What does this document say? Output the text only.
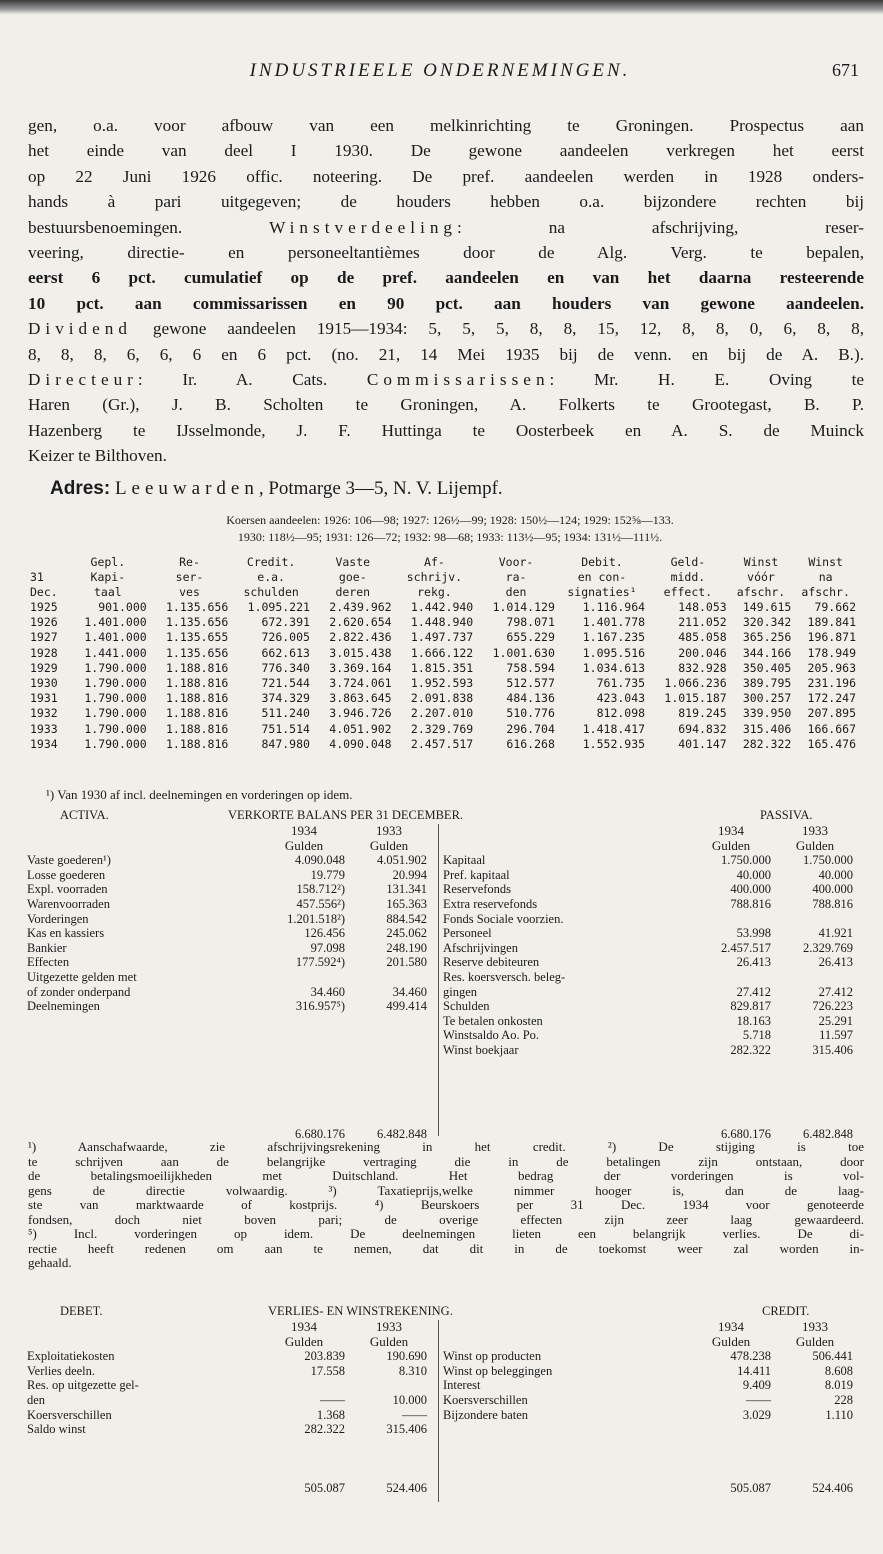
INDUSTRIEELE ONDERNEMINGEN.	671
gen, o.a. voor afbouw van een melkinrichting te Groningen. Prospectus aan
het einde van deel I 1930. De gewone aandeelen verkregen het eerst
op 22 Juni 1926 offic. noteering. De pref. aandeelen werden in 1928 onders-
hands à pari uitgegeven; de houders hebben o.a. bijzondere rechten bij
bestuursbenoemingen.	Winstverdeeling: na afschrijving, reser-
veering, directie- en personeeltantièmes door de Alg. Verg. te bepalen,
eerst 6 pct. cumulatief op de pref. aandeelen en van het daarna resteerende
10 pct. aan commissarissen en 90 pct. aan houders van gewone aandeelen.
Dividend gewone aandeelen 1915—1934: 5, 5, 5, 8, 8, 15, 12, 8, 8, 0, 6, 8, 8,
8, 8, 8, 6, 6, 6 en 6 pct. (no. 21, 14 Mei 1935 bij de venn. en bij de A. B.).
Directeur: Ir. A. Cats. Commissarissen: Mr. H. E. Oving te
Haren (Gr.), J. B. Scholten te Groningen, A. Folkerts te Grootegast, B. P.
Hazenberg te IJsselmonde, J. F. Huttinga te Oosterbeek en A. S. de Muinck
Keizer te Bilthoven.
Adres: Leeuwarden, Potmarge 3—5, N. V. Lijempf.
Koersen aandeelen: 1926: 106—98; 1927: 126½—99; 1928: 150½—124; 1929: 152⅝—133.
1930: 118½—95; 1931: 126—72; 1932: 98—68; 1933: 113½—95; 1934: 131½—111½.
	Gepl.	Re-	Credit.	Vaste	Af-	Voor-	Debit.	Geld-	Winst	Winst
31	Kapi-	ser-	e.a.	goe-	schrijv.	ra-	en con-	midd.	vóór	na
Dec.	taal	ves	schulden	deren	rekg.	den	signaties¹	effect.	afschr.	afschr.
1925	901.000	1.135.656	1.095.221	2.439.962	1.442.940	1.014.129	1.116.964	148.053	149.615	79.662
1926	1.401.000	1.135.656	672.391	2.620.654	1.448.940	798.071	1.401.778	211.052	320.342	189.841
1927	1.401.000	1.135.655	726.005	2.822.436	1.497.737	655.229	1.167.235	485.058	365.256	196.871
1928	1.441.000	1.135.656	662.613	3.015.438	1.666.122	1.001.630	1.095.516	200.046	344.166	178.949
1929	1.790.000	1.188.816	776.340	3.369.164	1.815.351	758.594	1.034.613	832.928	350.405	205.963
1930	1.790.000	1.188.816	721.544	3.724.061	1.952.593	512.577	761.735	1.066.236	389.795	231.196
1931	1.790.000	1.188.816	374.329	3.863.645	2.091.838	484.136	423.043	1.015.187	300.257	172.247
1932	1.790.000	1.188.816	511.240	3.946.726	2.207.010	510.776	812.098	819.245	339.950	207.895
1933	1.790.000	1.188.816	751.514	4.051.902	2.329.769	296.704	1.418.417	694.832	315.406	166.667
1934	1.790.000	1.188.816	847.980	4.090.048	2.457.517	616.268	1.552.935	401.147	282.322	165.476
¹) Van 1930 af incl. deelnemingen en vorderingen op idem.
ACTIVA.	VERKORTE BALANS PER 31 DECEMBER.	PASSIVA.
	1934	1933
	Gulden	Gulden
Vaste goederen¹)	4.090.048	4.051.902
Losse goederen	19.779	20.994
Expl. voorraden	158.712²)	131.341
Warenvoorraden	457.556²)	165.363
Vorderingen	1.201.518²)	884.542
Kas en kassiers	126.456	245.062
Bankier	97.098	248.190
Effecten	177.592⁴)	201.580
Uitgezette gelden met		
of zonder onderpand	34.460	34.460
Deelnemingen	316.957⁵)	499.414
	1934	1933
	Gulden	Gulden
Kapitaal	1.750.000	1.750.000
Pref. kapitaal	40.000	40.000
Reservefonds	400.000	400.000
Extra reservefonds	788.816	788.816
Fonds Sociale voorzien.		
Personeel	53.998	41.921
Afschrijvingen	2.457.517	2.329.769
Reserve debiteuren	26.413	26.413
Res. koersversch. beleg-		
gingen	27.412	27.412
Schulden	829.817	726.223
Te betalen onkosten	18.163	25.291
Winstsaldo Ao. Po.	5.718	11.597
Winst boekjaar	282.322	315.406
	6.680.176	6.482.848
		6.680.176	6.482.848
¹) Aanschafwaarde, zie afschrijvingsrekening in het credit. ²) De stijging is toe
te schrijven aan de belangrijke vertraging die in de betalingen zijn ontstaan, door
de betalingsmoeilijkheden met Duitschland. Het bedrag der vorderingen is vol-
gens de directie volwaardig. ³) Taxatieprijs,welke nimmer hooger is, dan de laag-
ste van marktwaarde of kostprijs. ⁴) Beurskoers per 31 Dec. 1934 voor genoteerde
fondsen, doch niet boven pari; de overige effecten zijn zeer laag gewaardeerd.
⁵) Incl. vorderingen op idem. De deelnemingen lieten een belangrijk verlies. De di-
rectie heeft redenen om aan te nemen, dat dit in de toekomst weer zal worden in-
gehaald.
DEBET.	VERLIES- EN WINSTREKENING.	CREDIT.
	1934	1933
	Gulden	Gulden
Exploitatiekosten	203.839	190.690
Verlies deeln.	17.558	8.310
Res. op uitgezette gel-		
den	——	10.000
Koersverschillen	1.368	——
Saldo winst	282.322	315.406
	1934	1933
	Gulden	Gulden
Winst op producten	478.238	506.441
Winst op beleggingen	14.411	8.608
Interest	9.409	8.019
Koersverschillen	——	228
Bijzondere baten	3.029	1.110
	505.087	524.406
		505.087	524.406
